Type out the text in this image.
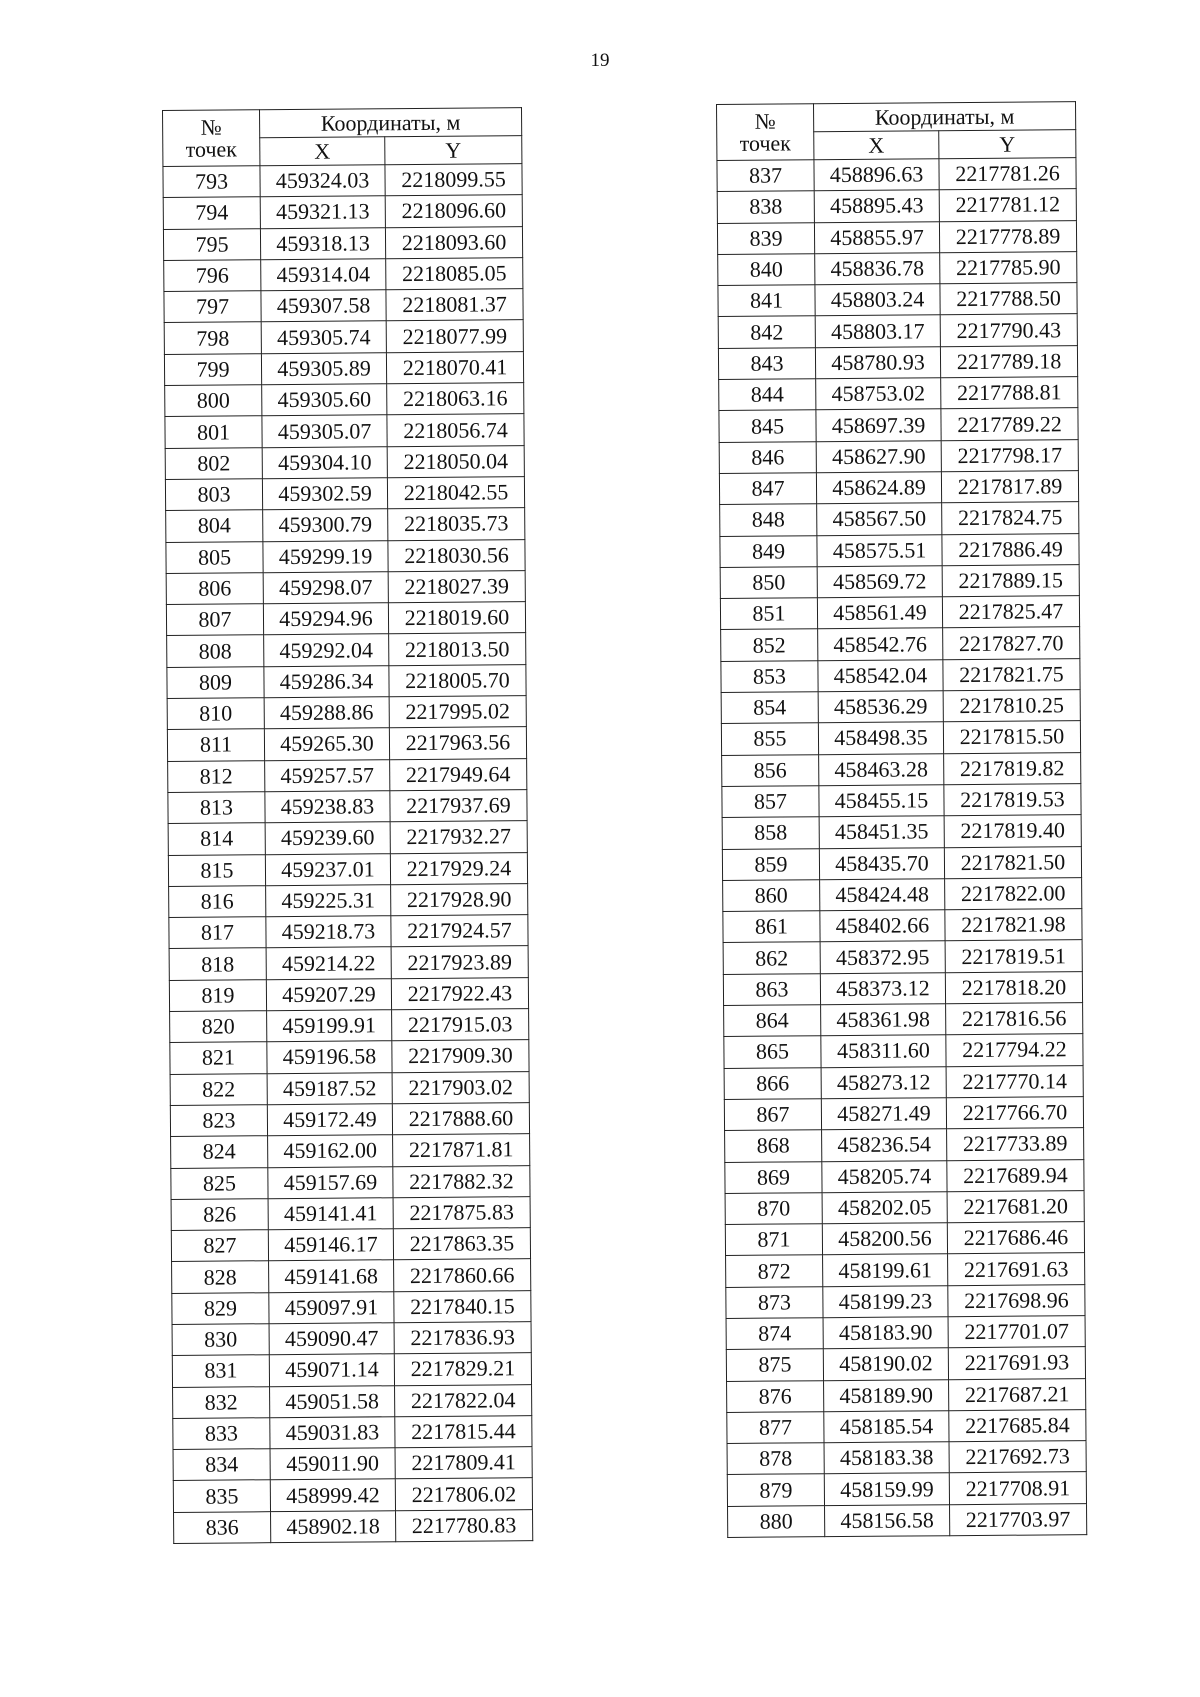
19
№
точек	Координаты, м	
	X	Y
793	459324.03	2218099.55
794	459321.13	2218096.60
795	459318.13	2218093.60
796	459314.04	2218085.05
797	459307.58	2218081.37
798	459305.74	2218077.99
799	459305.89	2218070.41
800	459305.60	2218063.16
801	459305.07	2218056.74
802	459304.10	2218050.04
803	459302.59	2218042.55
804	459300.79	2218035.73
805	459299.19	2218030.56
806	459298.07	2218027.39
807	459294.96	2218019.60
808	459292.04	2218013.50
809	459286.34	2218005.70
810	459288.86	2217995.02
811	459265.30	2217963.56
812	459257.57	2217949.64
813	459238.83	2217937.69
814	459239.60	2217932.27
815	459237.01	2217929.24
816	459225.31	2217928.90
817	459218.73	2217924.57
818	459214.22	2217923.89
819	459207.29	2217922.43
820	459199.91	2217915.03
821	459196.58	2217909.30
822	459187.52	2217903.02
823	459172.49	2217888.60
824	459162.00	2217871.81
825	459157.69	2217882.32
826	459141.41	2217875.83
827	459146.17	2217863.35
828	459141.68	2217860.66
829	459097.91	2217840.15
830	459090.47	2217836.93
831	459071.14	2217829.21
832	459051.58	2217822.04
833	459031.83	2217815.44
834	459011.90	2217809.41
835	458999.42	2217806.02
836	458902.18	2217780.83
№
точек	Координаты, м	
	X	Y
837	458896.63	2217781.26
838	458895.43	2217781.12
839	458855.97	2217778.89
840	458836.78	2217785.90
841	458803.24	2217788.50
842	458803.17	2217790.43
843	458780.93	2217789.18
844	458753.02	2217788.81
845	458697.39	2217789.22
846	458627.90	2217798.17
847	458624.89	2217817.89
848	458567.50	2217824.75
849	458575.51	2217886.49
850	458569.72	2217889.15
851	458561.49	2217825.47
852	458542.76	2217827.70
853	458542.04	2217821.75
854	458536.29	2217810.25
855	458498.35	2217815.50
856	458463.28	2217819.82
857	458455.15	2217819.53
858	458451.35	2217819.40
859	458435.70	2217821.50
860	458424.48	2217822.00
861	458402.66	2217821.98
862	458372.95	2217819.51
863	458373.12	2217818.20
864	458361.98	2217816.56
865	458311.60	2217794.22
866	458273.12	2217770.14
867	458271.49	2217766.70
868	458236.54	2217733.89
869	458205.74	2217689.94
870	458202.05	2217681.20
871	458200.56	2217686.46
872	458199.61	2217691.63
873	458199.23	2217698.96
874	458183.90	2217701.07
875	458190.02	2217691.93
876	458189.90	2217687.21
877	458185.54	2217685.84
878	458183.38	2217692.73
879	458159.99	2217708.91
880	458156.58	2217703.97
